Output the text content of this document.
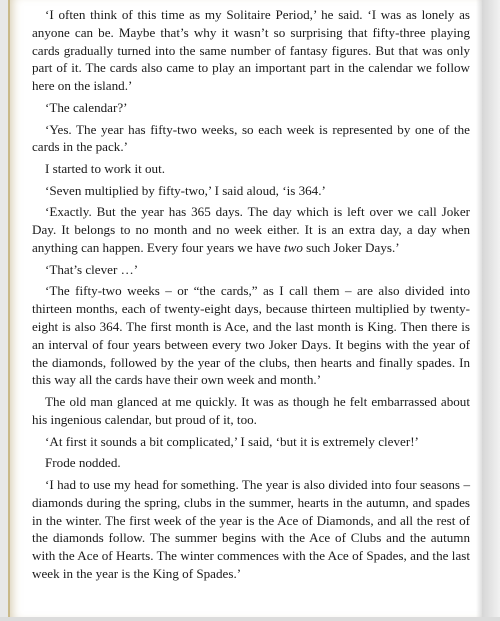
‘I often think of this time as my Solitaire Period,’ he said. ‘I was as lonely as anyone can be. Maybe that’s why it wasn’t so surprising that fifty-three playing cards gradually turned into the same number of fantasy figures. But that was only part of it. The cards also came to play an important part in the calendar we follow here on the island.’

‘The calendar?’

‘Yes. The year has fifty-two weeks, so each week is represented by one of the cards in the pack.’

I started to work it out.

‘Seven multiplied by fifty-two,’ I said aloud, ‘is 364.’

‘Exactly. But the year has 365 days. The day which is left over we call Joker Day. It belongs to no month and no week either. It is an extra day, a day when anything can happen. Every four years we have two such Joker Days.’

‘That’s clever …’

‘The fifty-two weeks – or “the cards,” as I call them – are also divided into thirteen months, each of twenty-eight days, because thirteen multiplied by twenty-eight is also 364. The first month is Ace, and the last month is King. Then there is an interval of four years between every two Joker Days. It begins with the year of the diamonds, followed by the year of the clubs, then hearts and finally spades. In this way all the cards have their own week and month.’

The old man glanced at me quickly. It was as though he felt embarrassed about his ingenious calendar, but proud of it, too.

‘At first it sounds a bit complicated,’ I said, ‘but it is extremely clever!’

Frode nodded.

‘I had to use my head for something. The year is also divided into four seasons – diamonds during the spring, clubs in the summer, hearts in the autumn, and spades in the winter. The first week of the year is the Ace of Diamonds, and all the rest of the diamonds follow. The summer begins with the Ace of Clubs and the autumn with the Ace of Hearts. The winter commences with the Ace of Spades, and the last week in the year is the King of Spades.’
